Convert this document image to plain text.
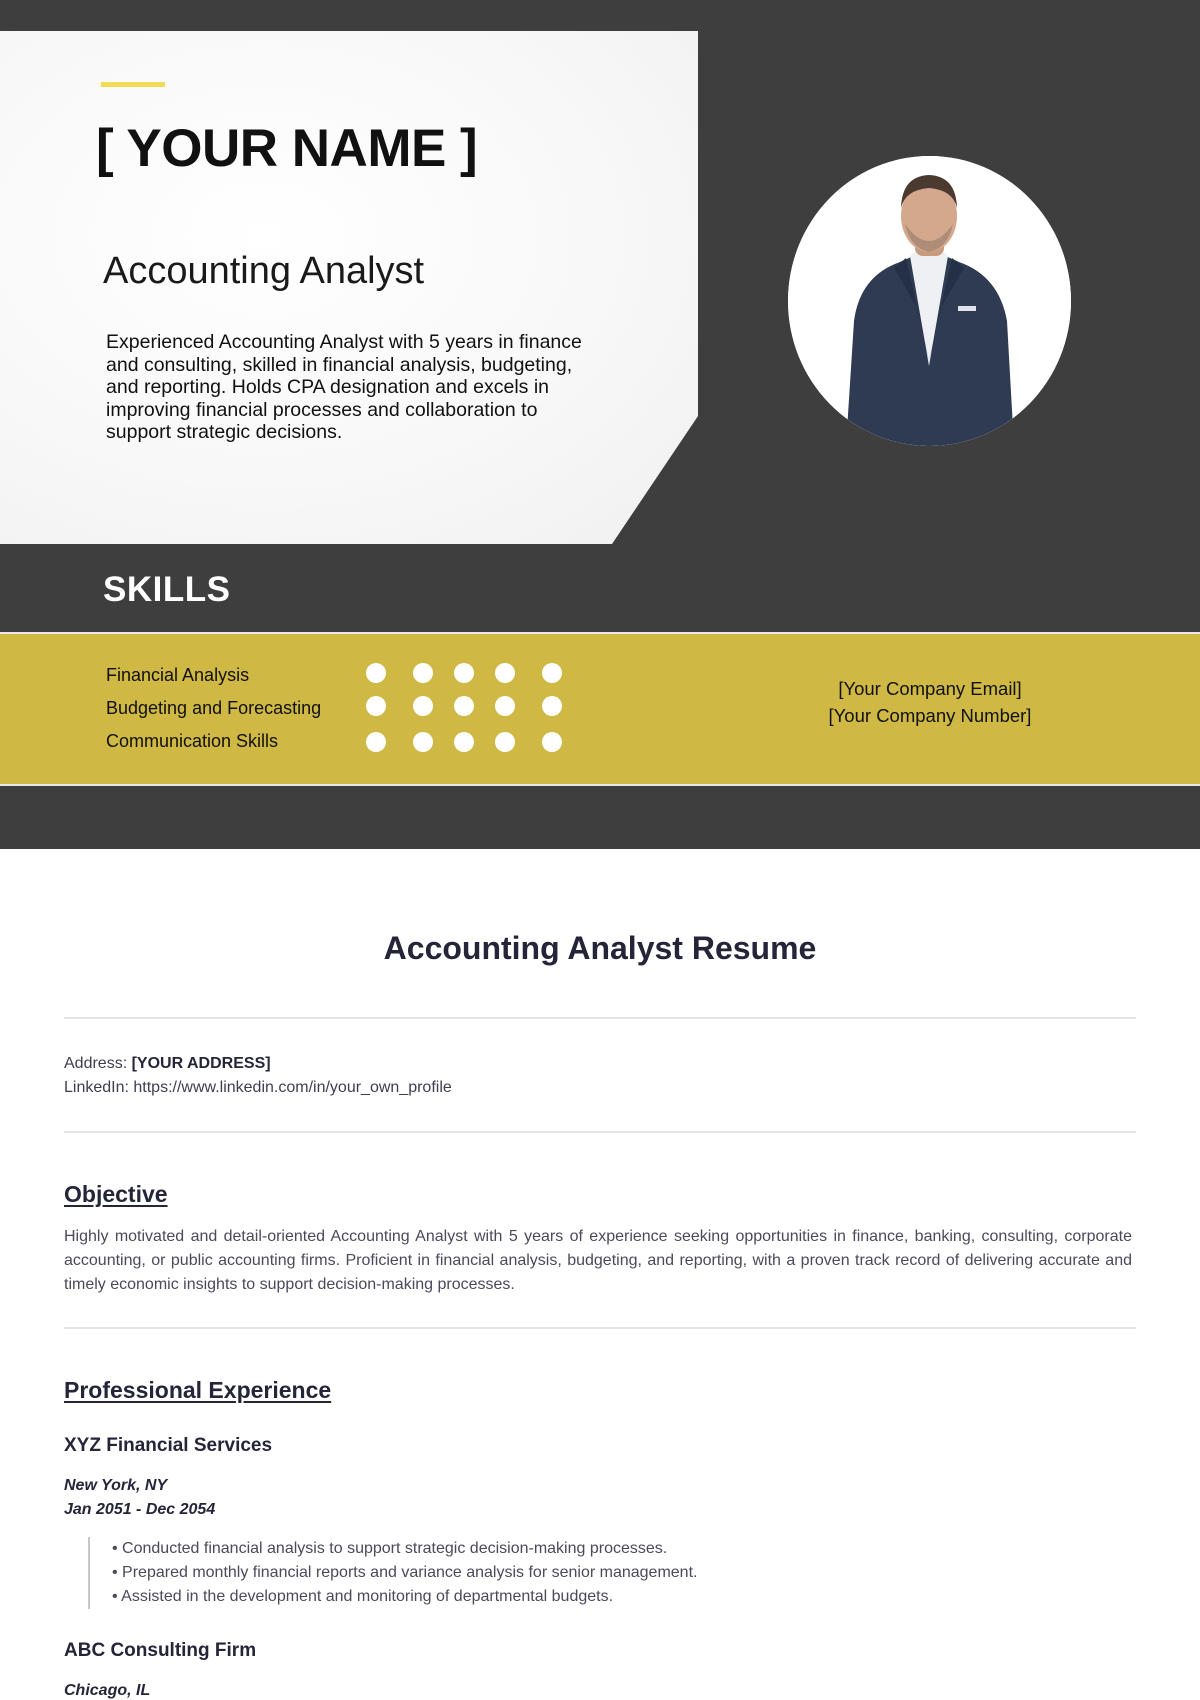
[ YOUR NAME ]
Accounting Analyst
Experienced Accounting Analyst with 5 years in finance and consulting, skilled in financial analysis, budgeting, and reporting. Holds CPA designation and excels in improving financial processes and collaboration to support strategic decisions.
SKILLS
Financial Analysis
Budgeting and Forecasting
Communication Skills
[Your Company Email]
[Your Company Number]
Accounting Analyst Resume
Address: [YOUR ADDRESS]
LinkedIn: https://www.linkedin.com/in/your_own_profile
Objective
Highly motivated and detail-oriented Accounting Analyst with 5 years of experience seeking opportunities in finance, banking, consulting, corporate accounting, or public accounting firms. Proficient in financial analysis, budgeting, and reporting, with a proven track record of delivering accurate and timely economic insights to support decision-making processes.
Professional Experience
XYZ Financial Services
New York, NY
Jan 2051 - Dec 2054
• Conducted financial analysis to support strategic decision-making processes.
• Prepared monthly financial reports and variance analysis for senior management.
• Assisted in the development and monitoring of departmental budgets.
ABC Consulting Firm
Chicago, IL
